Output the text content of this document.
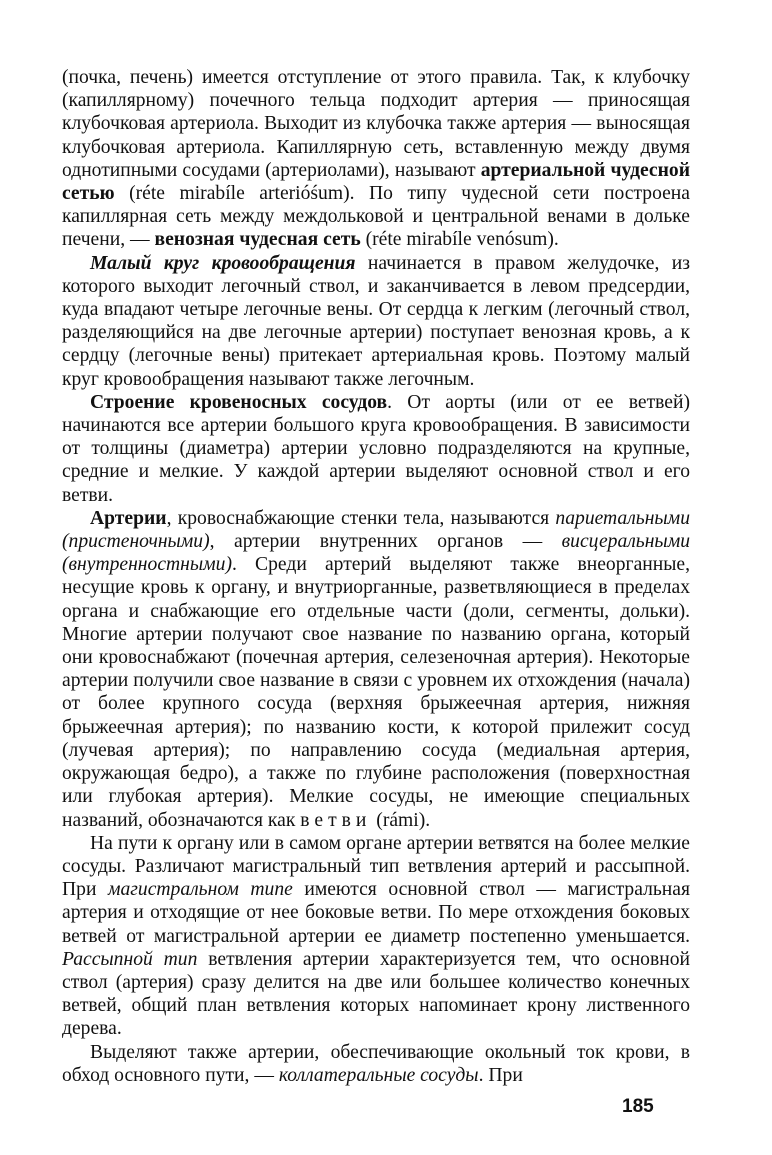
(почка, печень) имеется отступление от этого правила. Так, к клубочку (капиллярному) почечного тельца подходит артерия — приносящая клубочковая артериола. Выходит из клубочка также артерия — выносящая клубочковая артериола. Капиллярную сеть, вставленную между двумя однотипными сосудами (артериолами), называют артериальной чудесной сетью (réte mirabíle arterióśum). По типу чудесной сети построена капиллярная сеть между междольковой и центральной венами в дольке печени, — венозная чудесная сеть (réte mirabíle venósum).

Малый круг кровообращения начинается в правом желудочке, из которого выходит легочный ствол, и заканчивается в левом предсердии, куда впадают четыре легочные вены. От сердца к легким (легочный ствол, разделяющийся на две легочные артерии) поступает венозная кровь, а к сердцу (легочные вены) притекает артериальная кровь. Поэтому малый круг кровообращения называют также легочным.

Строение кровеносных сосудов. От аорты (или от ее ветвей) начинаются все артерии большого круга кровообращения. В зависимости от толщины (диаметра) артерии условно подразделяются на крупные, средние и мелкие. У каждой артерии выделяют основной ствол и его ветви.

Артерии, кровоснабжающие стенки тела, называются париетальными (пристеночными), артерии внутренних органов — висцеральными (внутренностными). Среди артерий выделяют также внеорганные, несущие кровь к органу, и внутриорганные, разветвляющиеся в пределах органа и снабжающие его отдельные части (доли, сегменты, дольки). Многие артерии получают свое название по названию органа, который они кровоснабжают (почечная артерия, селезеночная артерия). Некоторые артерии получили свое название в связи с уровнем их отхождения (начала) от более крупного сосуда (верхняя брыжеечная артерия, нижняя брыжеечная артерия); по названию кости, к которой прилежит сосуд (лучевая артерия); по направлению сосуда (медиальная артерия, окружающая бедро), а также по глубине расположения (поверхностная или глубокая артерия). Мелкие сосуды, не имеющие специальных названий, обозначаются как ветви (rámi).

На пути к органу или в самом органе артерии ветвятся на более мелкие сосуды. Различают магистральный тип ветвления артерий и рассыпной. При магистральном типе имеются основной ствол — магистральная артерия и отходящие от нее боковые ветви. По мере отхождения боковых ветвей от магистральной артерии ее диаметр постепенно уменьшается. Рассыпной тип ветвления артерии характеризуется тем, что основной ствол (артерия) сразу делится на две или большее количество конечных ветвей, общий план ветвления которых напоминает крону лиственного дерева.

Выделяют также артерии, обеспечивающие окольный ток крови, в обход основного пути, — коллатеральные сосуды. При

185
